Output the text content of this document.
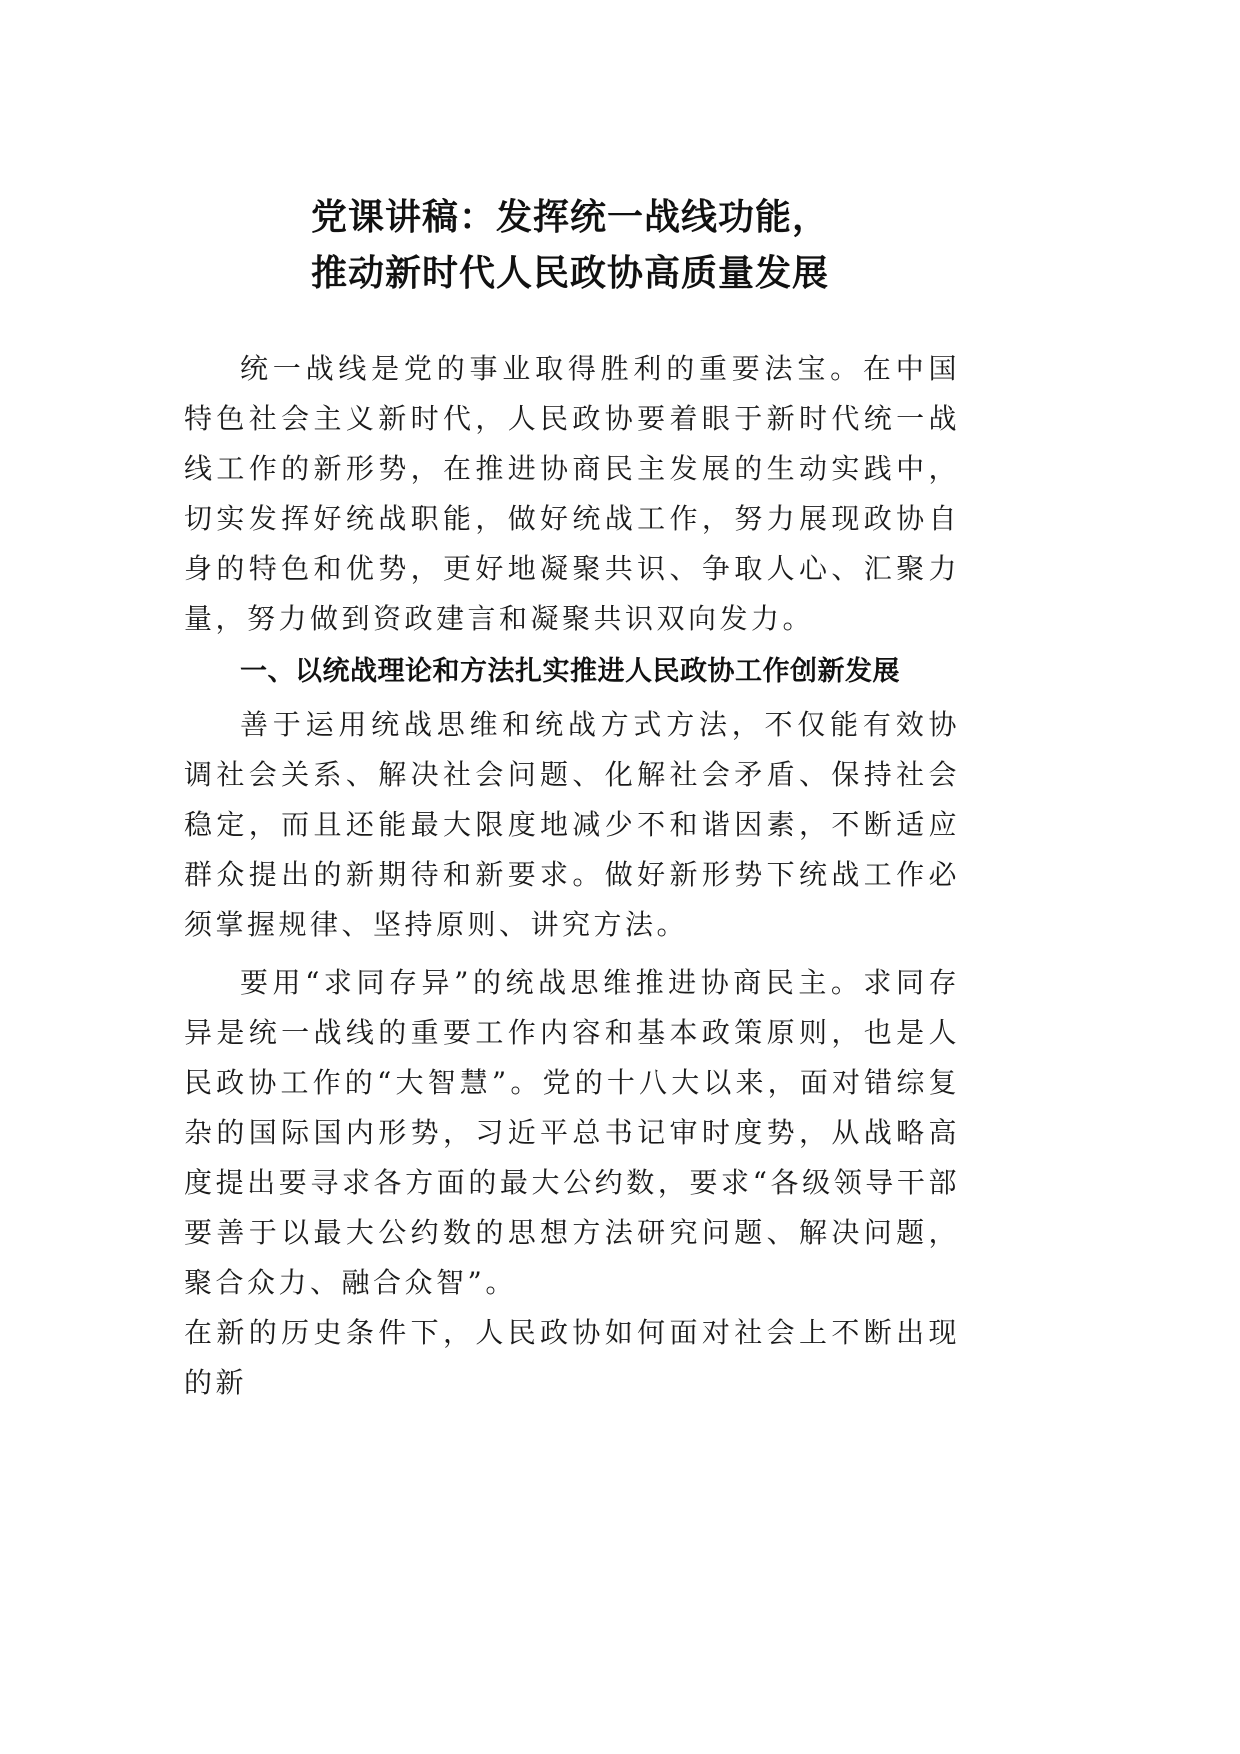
党课讲稿：发挥统一战线功能，
推动新时代人民政协高质量发展

统一战线是党的事业取得胜利的重要法宝。在中国特色社会主义新时代，人民政协要着眼于新时代统一战线工作的新形势，在推进协商民主发展的生动实践中，切实发挥好统战职能，做好统战工作，努力展现政协自身的特色和优势，更好地凝聚共识、争取人心、汇聚力量，努力做到资政建言和凝聚共识双向发力。

一、以统战理论和方法扎实推进人民政协工作创新发展

善于运用统战思维和统战方式方法，不仅能有效协调社会关系、解决社会问题、化解社会矛盾、保持社会稳定，而且还能最大限度地减少不和谐因素，不断适应群众提出的新期待和新要求。做好新形势下统战工作必须掌握规律、坚持原则、讲究方法。

要用“求同存异”的统战思维推进协商民主。求同存异是统一战线的重要工作内容和基本政策原则，也是人民政协工作的“大智慧”。党的十八大以来，面对错综复杂的国际国内形势，习近平总书记审时度势，从战略高度提出要寻求各方面的最大公约数，要求“各级领导干部要善于以最大公约数的思想方法研究问题、解决问题，聚合众力、融合众智”。

在新的历史条件下，人民政协如何面对社会上不断出现的新
